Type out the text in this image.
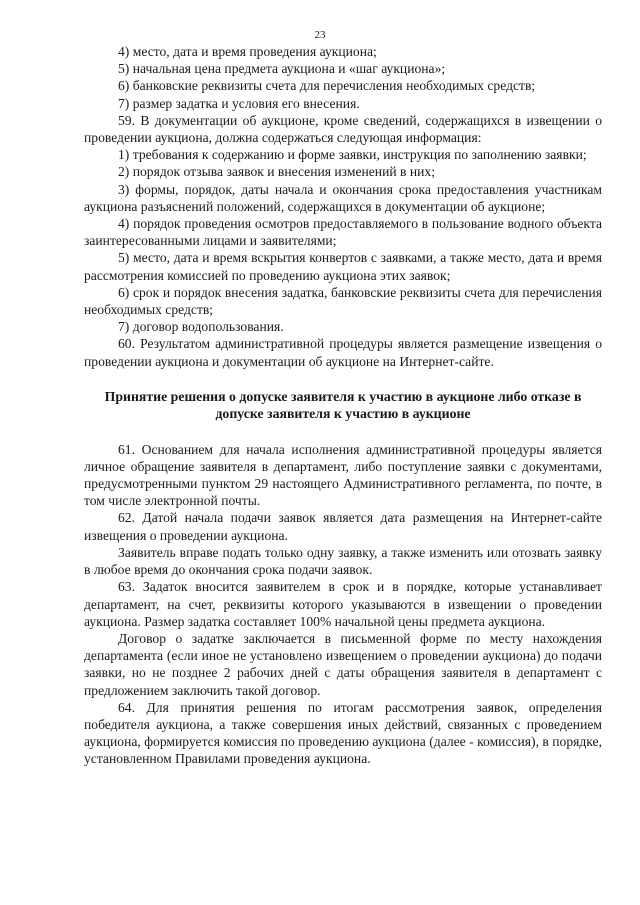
23

4) место, дата и время проведения аукциона;

5) начальная цена предмета аукциона и «шаг аукциона»;

6) банковские реквизиты счета для перечисления необходимых средств;

7) размер задатка и условия его внесения.

59. В документации об аукционе, кроме сведений, содержащихся в извещении о проведении аукциона, должна содержаться следующая информация:

1) требования к содержанию и форме заявки, инструкция по заполнению заявки;

2) порядок отзыва заявок и внесения изменений в них;

3) формы, порядок, даты начала и окончания срока предоставления участникам аукциона разъяснений положений, содержащихся в документации об аукционе;

4) порядок проведения осмотров предоставляемого в пользование водного объекта заинтересованными лицами и заявителями;

5) место, дата и время вскрытия конвертов с заявками, а также место, дата и время рассмотрения комиссией по проведению аукциона этих заявок;

6) срок и порядок внесения задатка, банковские реквизиты счета для перечисления необходимых средств;

7) договор водопользования.

60. Результатом административной процедуры является размещение извещения о проведении аукциона и документации об аукционе на Интернет-сайте.

Принятие решения о допуске заявителя к участию в аукционе либо отказе в допуске заявителя к участию в аукционе

61. Основанием для начала исполнения административной процедуры является личное обращение заявителя в департамент, либо поступление заявки с документами, предусмотренными пунктом 29 настоящего Административного регламента, по почте, в том числе электронной почты.

62. Датой начала подачи заявок является дата размещения на Интернет-сайте извещения о проведении аукциона.

Заявитель вправе подать только одну заявку, а также изменить или отозвать заявку в любое время до окончания срока подачи заявок.

63. Задаток вносится заявителем в срок и в порядке, которые устанавливает департамент, на счет, реквизиты которого указываются в извещении о проведении аукциона. Размер задатка составляет 100% начальной цены предмета аукциона.

Договор о задатке заключается в письменной форме по месту нахождения департамента (если иное не установлено извещением о проведении аукциона) до подачи заявки, но не позднее 2 рабочих дней с даты обращения заявителя в департамент с предложением заключить такой договор.

64. Для принятия решения по итогам рассмотрения заявок, определения победителя аукциона, а также совершения иных действий, связанных с проведением аукциона, формируется комиссия по проведению аукциона (далее - комиссия), в порядке, установленном Правилами проведения аукциона.
